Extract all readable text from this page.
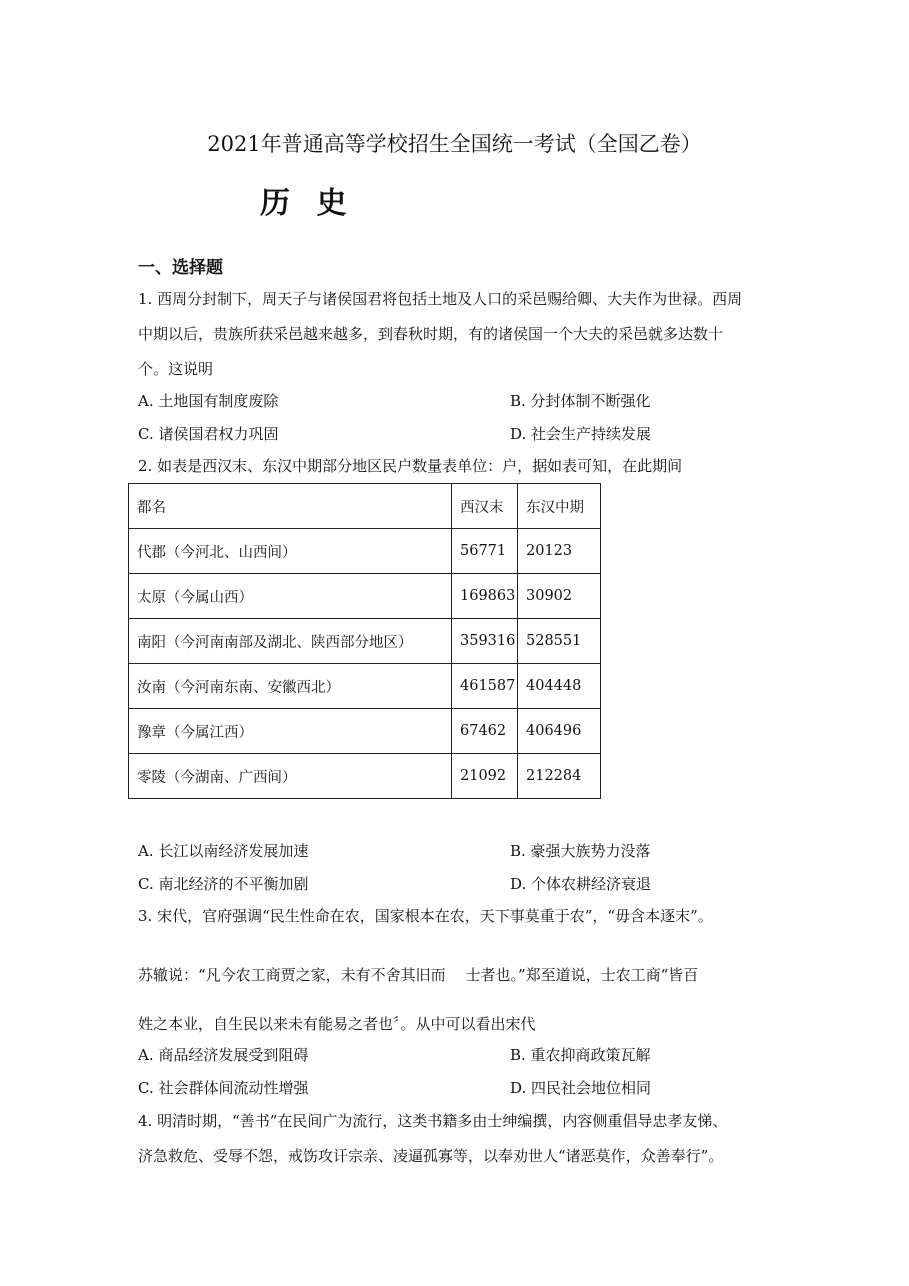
2021年普通高等学校招生全国统一考试（全国乙卷）
历 史
一、选择题
1. 西周分封制下，周天子与诸侯国君将包括土地及人口的采邑赐给卿、大夫作为世禄。西周
中期以后，贵族所获采邑越来越多，到春秋时期，有的诸侯国一个大夫的采邑就多达数十
个。这说明
A. 土地国有制度废除	B. 分封体制不断强化
C. 诸侯国君权力巩固	D. 社会生产持续发展
2. 如表是西汉末、东汉中期部分地区民户数量表单位：户，据如表可知，在此期间
都名	西汉末	东汉中期
代郡（今河北、山西间）	56771	20123
太原（今属山西）	169863	30902
南阳（今河南南部及湖北、陕西部分地区）	359316	528551
汝南（今河南东南、安徽西北）	461587	404448
豫章（今属江西）	67462	406496
零陵（今湖南、广西间）	21092	212284
A. 长江以南经济发展加速	B. 豪强大族势力没落
C. 南北经济的不平衡加剧	D. 个体农耕经济衰退
3. 宋代，官府强调“民生性命在农，国家根本在农，天下事莫重于农”，“毋含本逐末”。
苏辙说：“凡今农工商贾之家，未有不舍其旧而　 士者也。”郑至道说，士农工商“皆百
姓之本业，自生民以来未有能易之者也〞。从中可以看出宋代
A. 商品经济发展受到阻碍	B. 重农抑商政策瓦解
C. 社会群体间流动性增强	D. 四民社会地位相同
4. 明清时期，“善书”在民间广为流行，这类书籍多由士绅编撰，内容侧重倡导忠孝友悌、
济急救危、受辱不怨，戒饬攻讦宗亲、凌逼孤寡等，以奉劝世人“诸恶莫作，众善奉行”。
